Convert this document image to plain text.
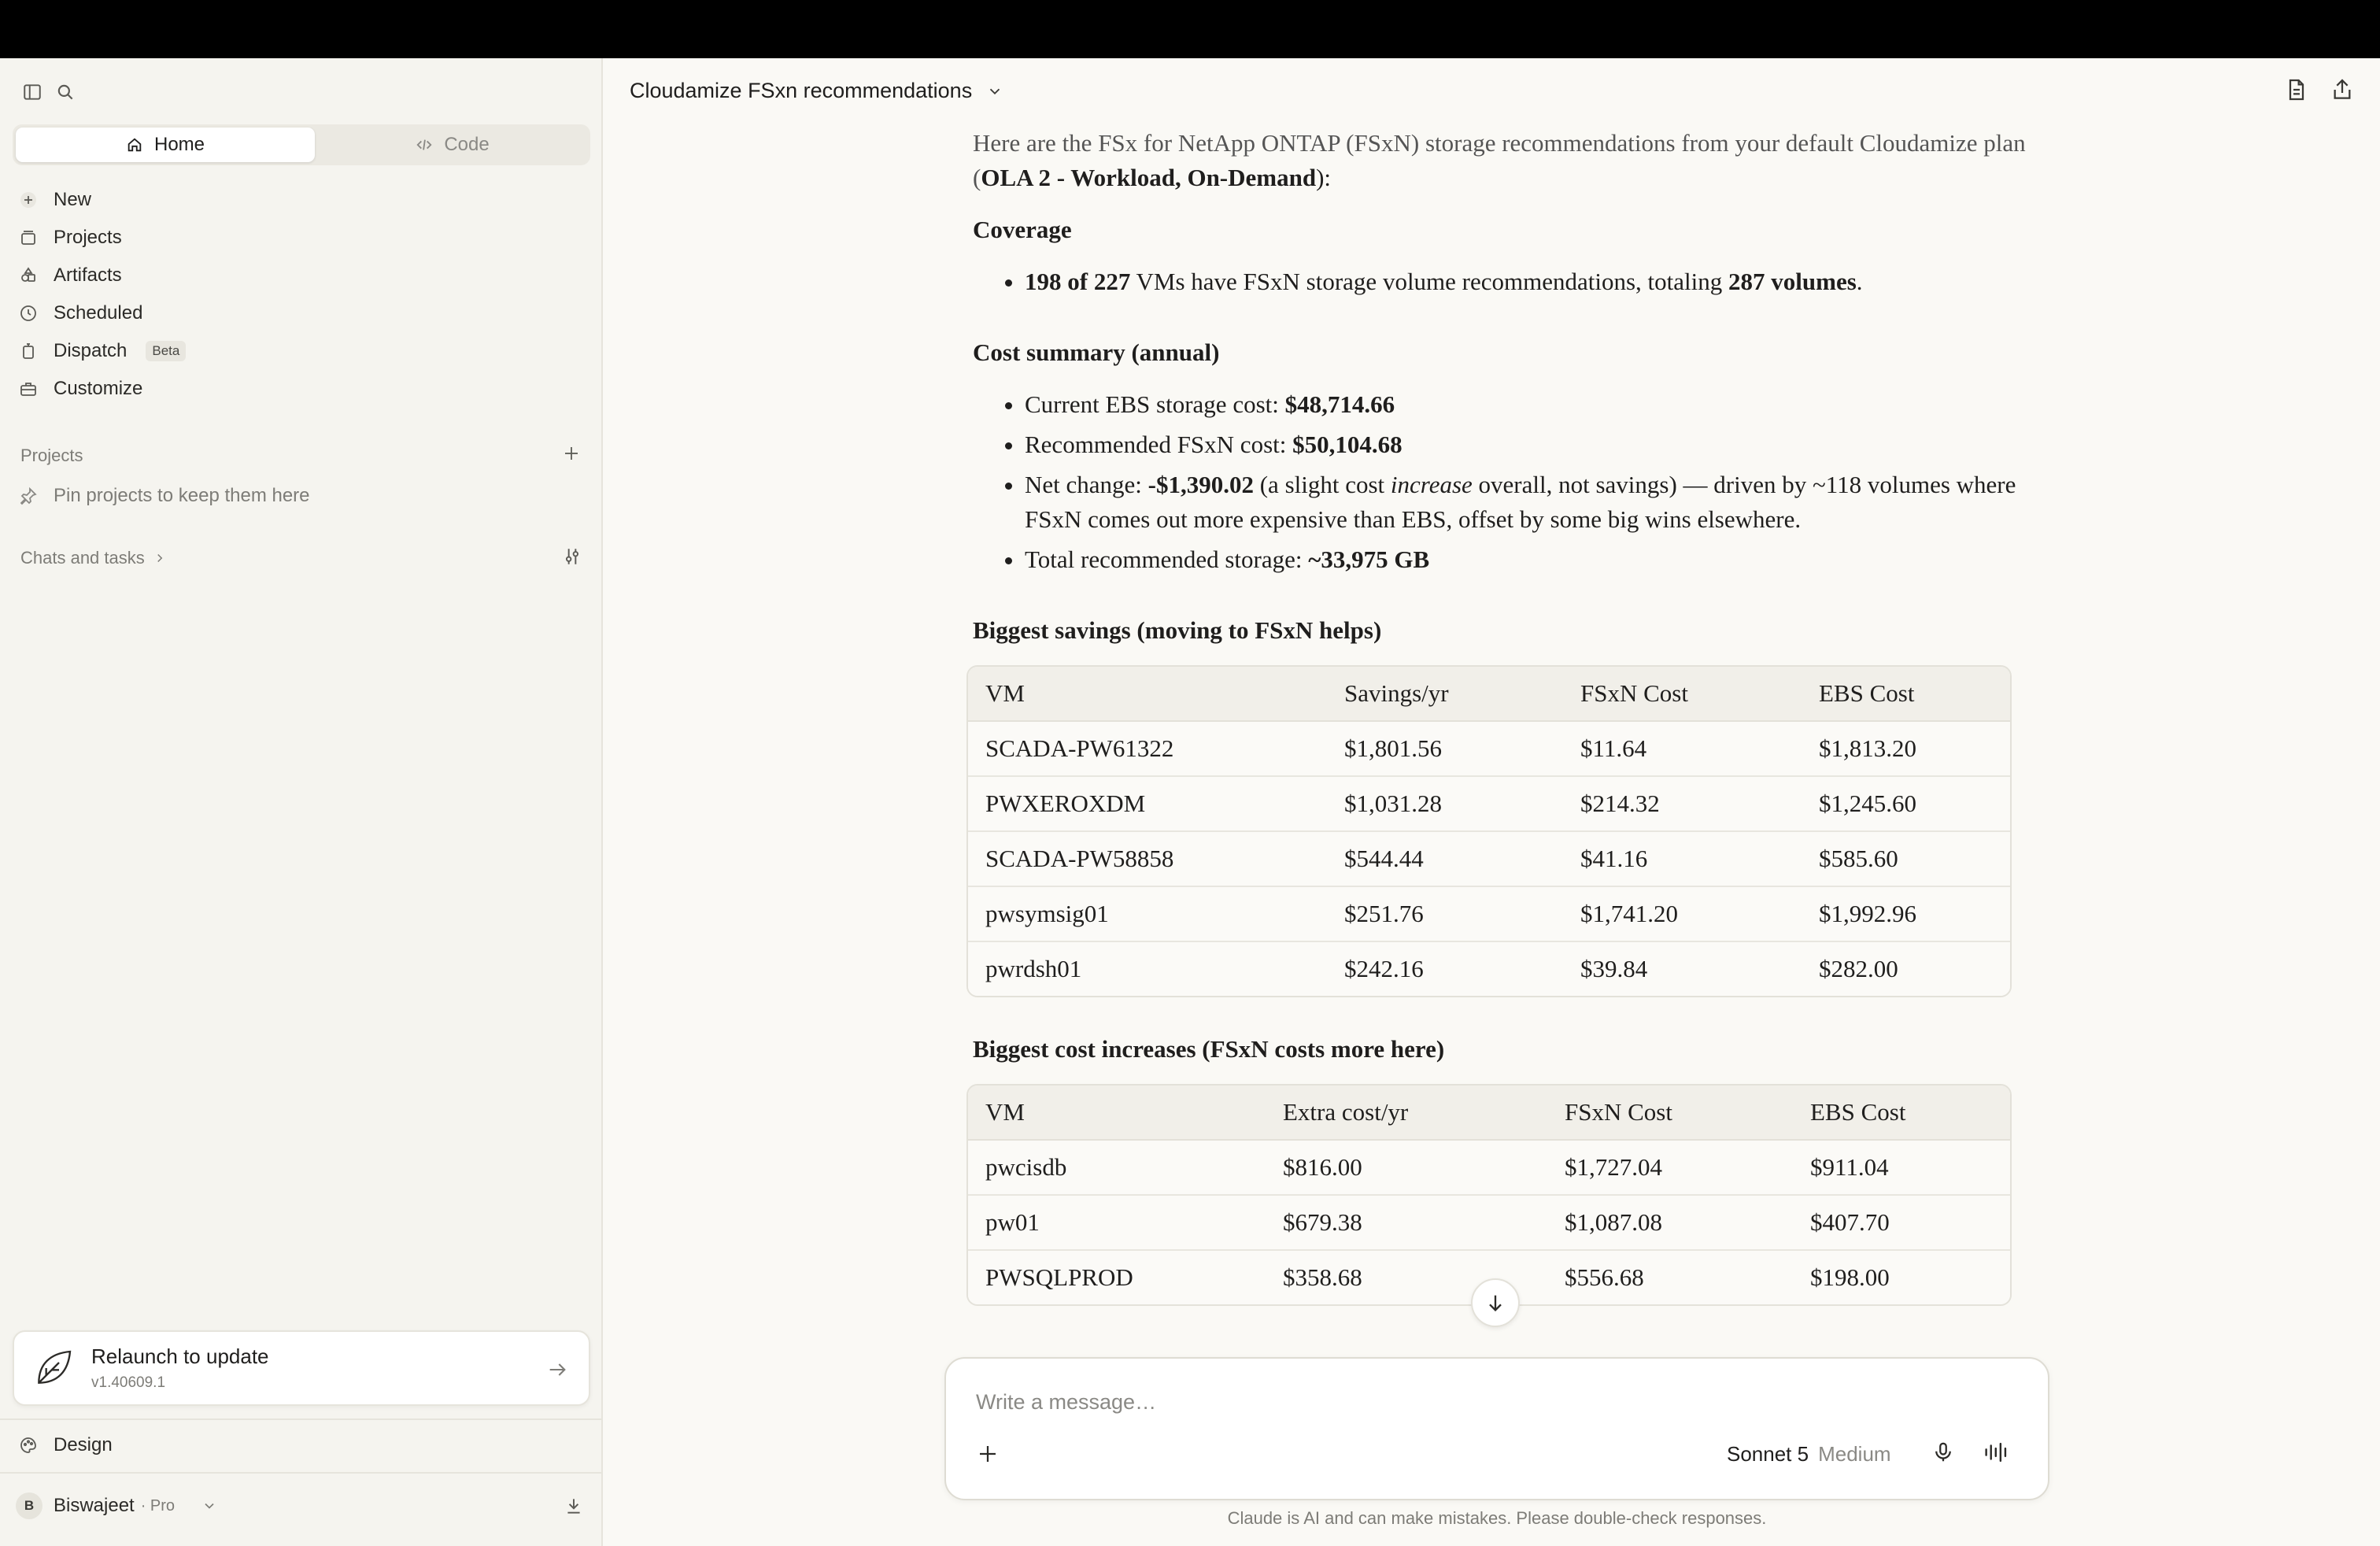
Home	Code
New
Projects
Artifacts
Scheduled
Dispatch	Beta
Customize
Projects
Pin projects to keep them here
Chats and tasks
Relaunch to update
v1.40609.1
Design
B	Biswajeet · Pro
Cloudamize FSxn recommendations

Here are the FSx for NetApp ONTAP (FSxN) storage recommendations from your default Cloudamize plan (OLA 2 - Workload, On-Demand):

Coverage
• 198 of 227 VMs have FSxN storage volume recommendations, totaling 287 volumes.
Cost summary (annual)
• Current EBS storage cost: $48,714.66
• Recommended FSxN cost: $50,104.68
• Net change: -$1,390.02 (a slight cost increase overall, not savings) — driven by ~118 volumes where FSxN comes out more expensive than EBS, offset by some big wins elsewhere.
• Total recommended storage: ~33,975 GB
Biggest savings (moving to FSxN helps)
VM	Savings/yr	FSxN Cost	EBS Cost
SCADA-PW61322	$1,801.56	$11.64	$1,813.20
PWXEROXDM	$1,031.28	$214.32	$1,245.60
SCADA-PW58858	$544.44	$41.16	$585.60
pwsymsig01	$251.76	$1,741.20	$1,992.96
pwrdsh01	$242.16	$39.84	$282.00
Biggest cost increases (FSxN costs more here)
VM	Extra cost/yr	FSxN Cost	EBS Cost
pwcisdb	$816.00	$1,727.04	$911.04
pw01	$679.38	$1,087.08	$407.70
PWSQLPROD	$358.68	$556.68	$198.00
Write a message…
Sonnet 5 Medium
Claude is AI and can make mistakes. Please double-check responses.
